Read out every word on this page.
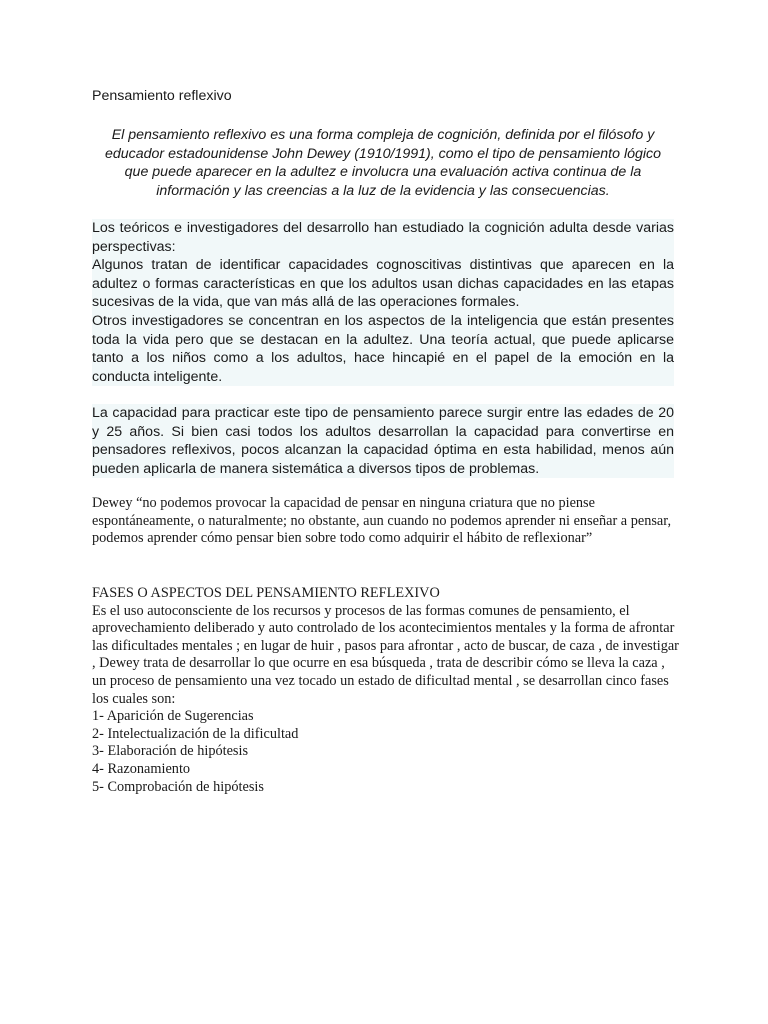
Pensamiento reflexivo

El pensamiento reflexivo es una forma compleja de cognición, definida por el filósofo y educador estadounidense John Dewey (1910/1991), como el tipo de pensamiento lógico que puede aparecer en la adultez e involucra una evaluación activa continua de la información y las creencias a la luz de la evidencia y las consecuencias.

Los teóricos e investigadores del desarrollo han estudiado la cognición adulta desde varias perspectivas:

Algunos tratan de identificar capacidades cognoscitivas distintivas que aparecen en la adultez o formas características en que los adultos usan dichas capacidades en las etapas sucesivas de la vida, que van más allá de las operaciones formales.

Otros investigadores se concentran en los aspectos de la inteligencia que están presentes toda la vida pero que se destacan en la adultez. Una teoría actual, que puede aplicarse tanto a los niños como a los adultos, hace hincapié en el papel de la emoción en la conducta inteligente.

La capacidad para practicar este tipo de pensamiento parece surgir entre las edades de 20 y 25 años. Si bien casi todos los adultos desarrollan la capacidad para convertirse en pensadores reflexivos, pocos alcanzan la capacidad óptima en esta habilidad, menos aún pueden aplicarla de manera sistemática a diversos tipos de problemas.

Dewey “no podemos provocar la capacidad de pensar en ninguna criatura que no piense espontáneamente, o naturalmente; no obstante, aun cuando no podemos aprender ni enseñar a pensar, podemos aprender cómo pensar bien sobre todo como adquirir el hábito de reflexionar”

FASES O ASPECTOS DEL PENSAMIENTO REFLEXIVO

Es el uso autoconsciente de los recursos y procesos de las formas comunes de pensamiento, el aprovechamiento deliberado y auto controlado de los acontecimientos mentales y la forma de afrontar las dificultades mentales ; en lugar de huir , pasos para afrontar , acto de buscar, de caza , de investigar , Dewey trata de desarrollar lo que ocurre en esa búsqueda , trata de describir cómo se lleva la caza , un proceso de pensamiento una vez tocado un estado de dificultad mental , se desarrollan cinco fases los cuales son:

1- Aparición de Sugerencias

2- Intelectualización de la dificultad

3- Elaboración de hipótesis

4- Razonamiento

5- Comprobación de hipótesis
